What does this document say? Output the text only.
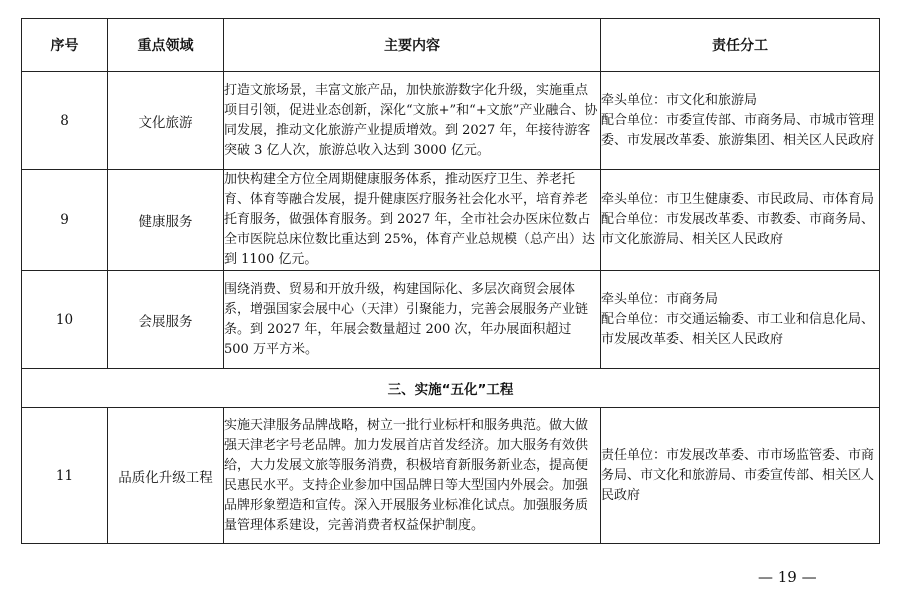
序号	重点领域	主要内容	责任分工
8	文化旅游	打造文旅场景，丰富文旅产品，加快旅游数字化升级，实施重点项目引领，促进业态创新，深化“文旅+”和“+文旅”产业融合、协同发展，推动文化旅游产业提质增效。到 2027 年，年接待游客突破 3 亿人次，旅游总收入达到 3000 亿元。	牵头单位：市文化和旅游局
配合单位：市委宣传部、市商务局、市城市管理委、市发展改革委、旅游集团、相关区人民政府

9	健康服务	加快构建全方位全周期健康服务体系，推动医疗卫生、养老托育、体育等融合发展，提升健康医疗服务社会化水平，培育养老托育服务，做强体育服务。到 2027 年，全市社会办医床位数占全市医院总床位数比重达到 25%，体育产业总规模（总产出）达到 1100 亿元。	牵头单位：市卫生健康委、市民政局、市体育局
配合单位：市发展改革委、市教委、市商务局、市文化旅游局、相关区人民政府

10	会展服务	围绕消费、贸易和开放升级，构建国际化、多层次商贸会展体系，增强国家会展中心（天津）引聚能力，完善会展服务产业链条。到 2027 年，年展会数量超过 200 次，年办展面积超过 500 万平方米。	牵头单位：市商务局
配合单位：市交通运输委、市工业和信息化局、市发展改革委、相关区人民政府

三、实施“五化”工程			
11	品质化升级工程	实施天津服务品牌战略，树立一批行业标杆和服务典范。做大做强天津老字号老品牌。加力发展首店首发经济。加大服务有效供给，大力发展文旅等服务消费，积极培育新服务新业态，提高便民惠民水平。支持企业参加中国品牌日等大型国内外展会。加强品牌形象塑造和宣传。深入开展服务业标准化试点。加强服务质量管理体系建设，完善消费者权益保护制度。	责任单位：市发展改革委、市市场监管委、市商务局、市文化和旅游局、市委宣传部、相关区人民政府
— 19 —
